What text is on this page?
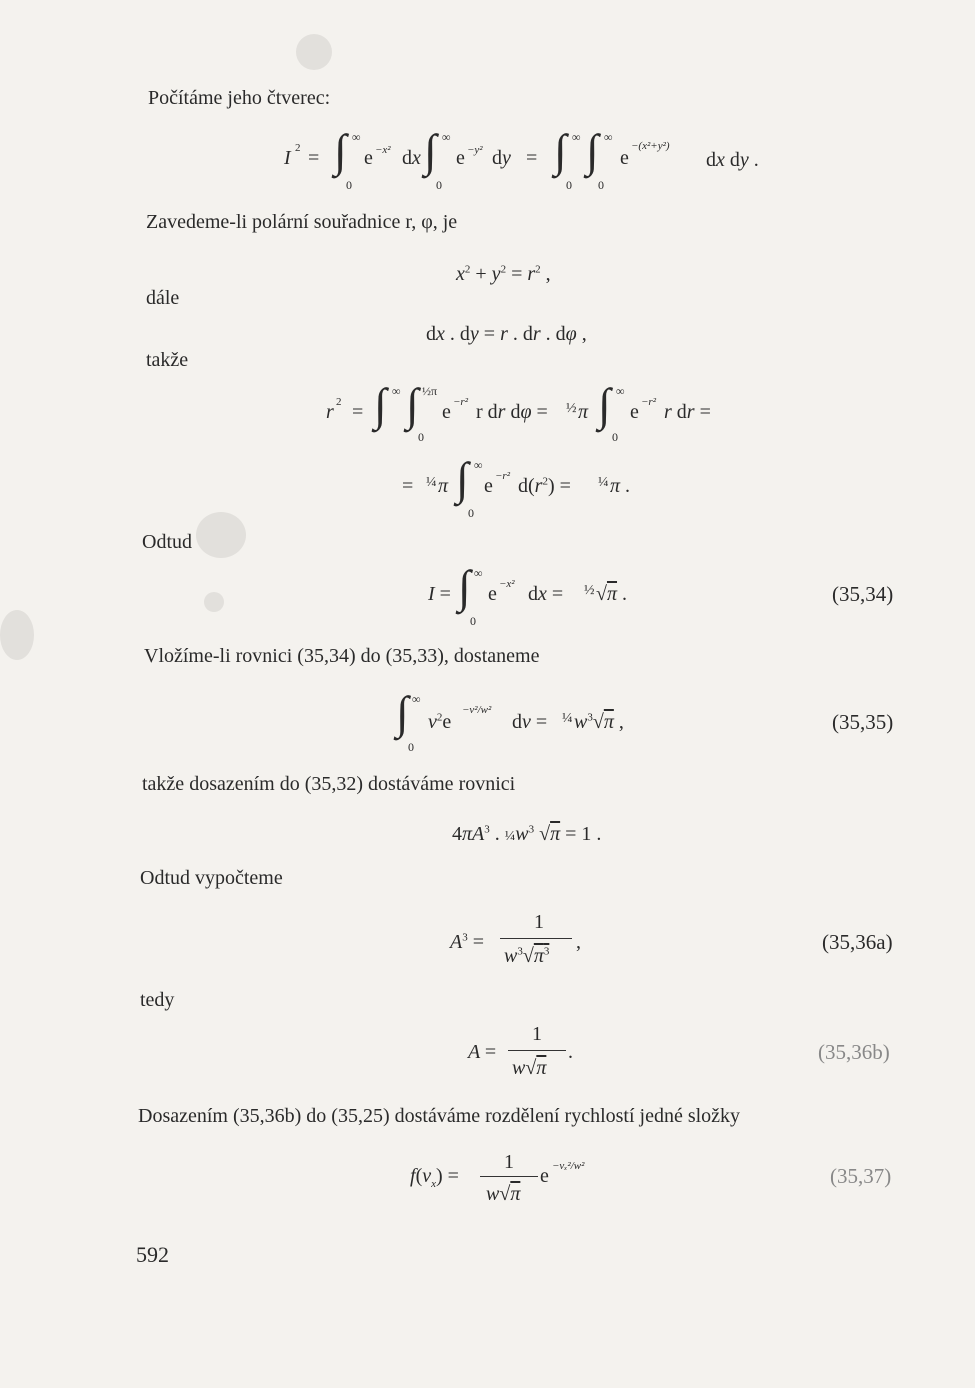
Počítáme jeho čtverec:
I 2 = ∫ ∞
0
e −x² dx ∫ ∞
0
e −y² dy = ∫ ∞
0
∫ ∞
0
e
−(x²+y²)
dx dy .
Zavedeme-li polární souřadnice r, φ, je
$x^2 + y^2 = r^2$ ,
dále
dx . dy = r . dr . dφ ,
takže
r 2 = ∫ ∞ ∫ ½π
0
e −r² r dr dφ = ½ π ∫ ∞
0
e −r² r dr =
= ¼ π ∫ ∞
0
e −r² $d(r^2)$ = ¼ π .
Odtud
I = ∫ ∞
0
e −x² dx = ½ √π .	(35,34)
Vložíme-li rovnici (35,34) do (35,33), dostaneme
∫ ∞
0
$v^2e$
−v²/w²
dv = ¼ $w^3√\pi$ ,	(35,35)
takže dosazením do (35,32) dostáváme rovnici
$4\pi A^3$ . $\frac{1}{4}w^3$ √π = 1 .
Odtud vypočteme
$A^3$ =
1
$w^3√\pi^3$ ,	(35,36a)
tedy
A =
1
w√π
.	(35,36b)
Dosazením (35,36b) do (35,25) dostáváme rozdělení rychlostí jedné složky
$f(v_x)$ =
1
w√π
e −vₓ²/w²	(35,37)
592
